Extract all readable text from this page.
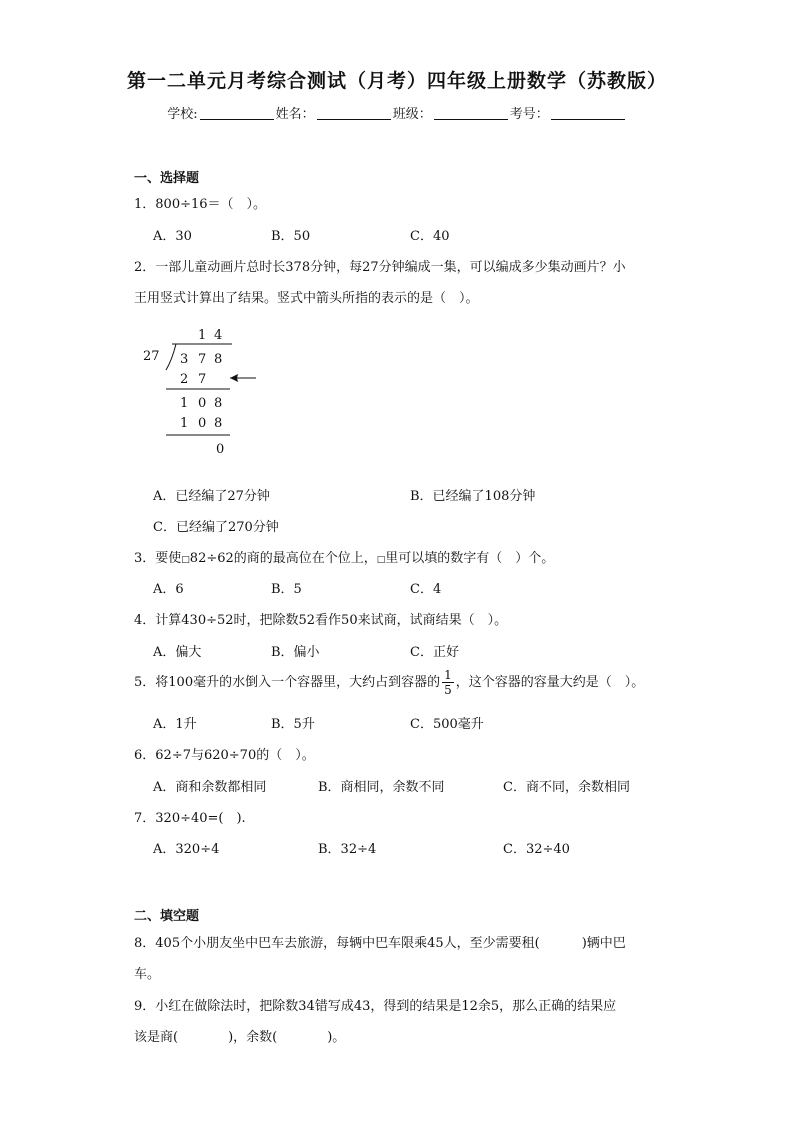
第一二单元月考综合测试（月考）四年级上册数学（苏教版）
学校:	姓名：	班级：	考号：
一、选择题
1．800÷16＝（　）。
A．30	B．50	C．40
2．一部儿童动画片总时长378分钟，每27分钟编成一集，可以编成多少集动画片？小
王用竖式计算出了结果。竖式中箭头所指的表示的是（　）。
1 4
27 3 7 8
2 7
1 0 8
1 0 8
0
A．已经编了27分钟	B．已经编了108分钟
C．已经编了270分钟
3．要使□82÷62的商的最高位在个位上，□里可以填的数字有（　）个。
A．6	B．5	C．4
4．计算430÷52时，把除数52看作50来试商，试商结果（　）。
A．偏大	B．偏小	C．正好
5．将100毫升的水倒入一个容器里，大约占到容器的 $\frac{1}{5}$ ，这个容器的容量大约是（　）。
A．1升	B．5升	C．500毫升
6．62÷7与620÷70的（　）。
A．商和余数都相同	B．商相同，余数不同	C．商不同，余数相同
7．320÷40=(　).
A．320÷4	B．32÷4	C．32÷40
二、填空题
8．405个小朋友坐中巴车去旅游，每辆中巴车限乘45人，至少需要租(	)辆中巴
车。
9．小红在做除法时，把除数34错写成43，得到的结果是12余5，那么正确的结果应
该是商(	)，余数(	)。
